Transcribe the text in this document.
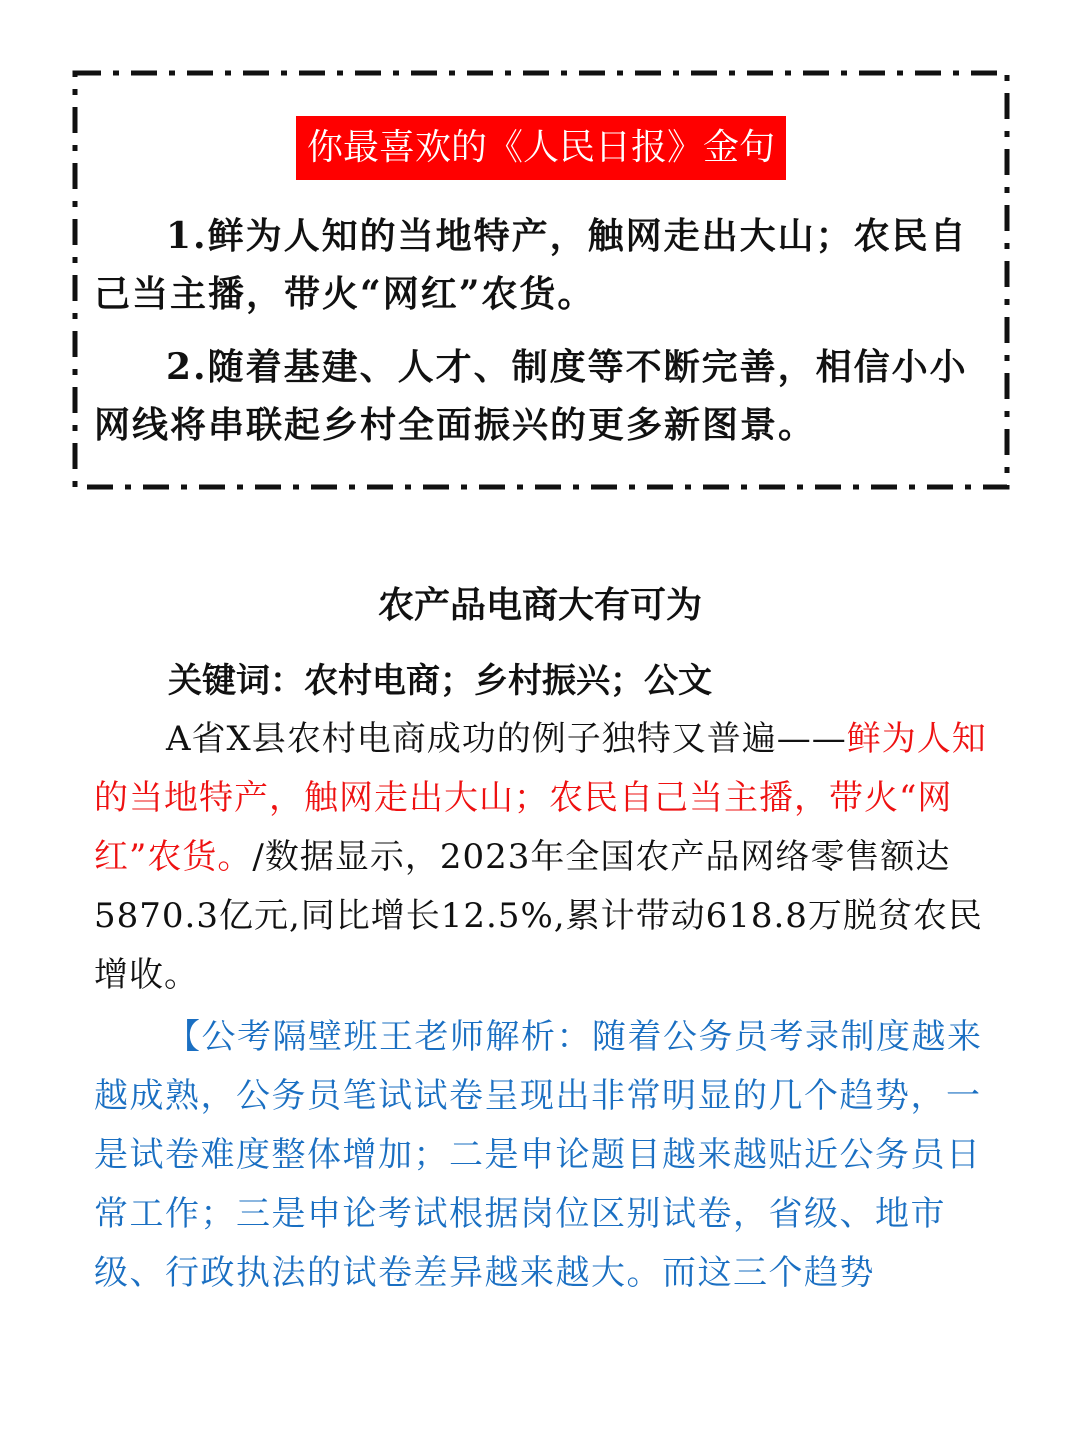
你最喜欢的《人民日报》金句
1.鲜为人知的当地特产，触网走出大山；农民自己当主播，带火“网红”农货。
2.随着基建、人才、制度等不断完善，相信小小网线将串联起乡村全面振兴的更多新图景。
农产品电商大有可为
关键词：农村电商；乡村振兴；公文
A省X县农村电商成功的例子独特又普遍——鲜为人知的当地特产，触网走出大山；农民自己当主播，带火“网红”农货。/数据显示，2023年全国农产品网络零售额达5870.3亿元,同比增长12.5%,累计带动618.8万脱贫农民增收。
【公考隔壁班王老师解析：随着公务员考录制度越来越成熟，公务员笔试试卷呈现出非常明显的几个趋势，一是试卷难度整体增加；二是申论题目越来越贴近公务员日常工作；三是申论考试根据岗位区别试卷，省级、地市级、行政执法的试卷差异越来越大。而这三个趋势
